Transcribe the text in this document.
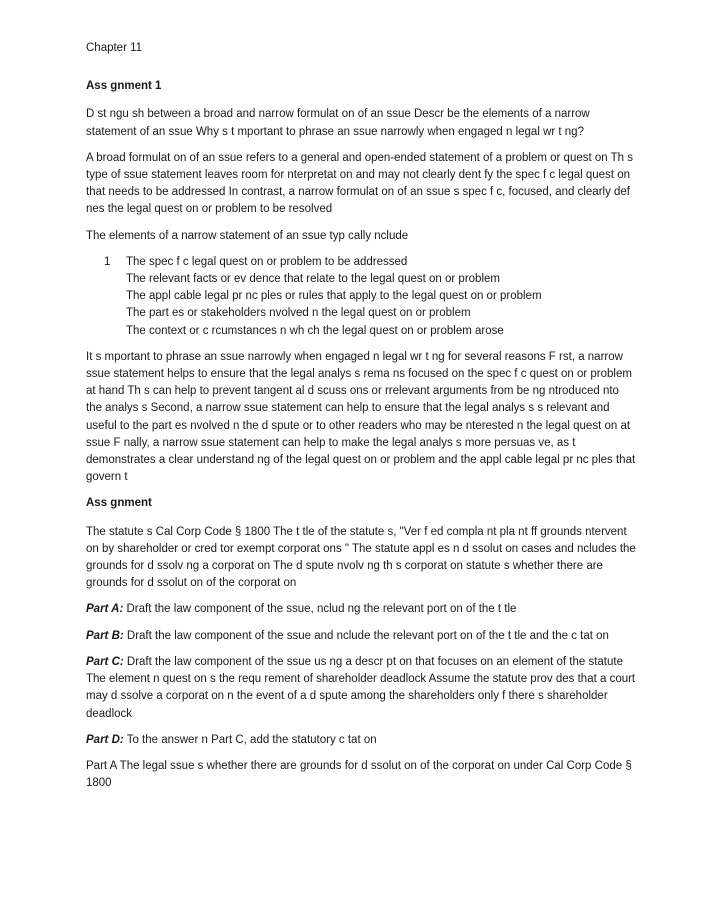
Chapter 11

Ass gnment 1

D st ngu sh between a broad and narrow formulat on of an ssue Descr be the elements of a narrow statement of an ssue Why s t mportant to phrase an ssue narrowly when engaged n legal wr t ng?

A broad formulat on of an ssue refers to a general and open-ended statement of a problem or quest on Th s type of ssue statement leaves room for nterpretat on and may not clearly dent fy the spec f c legal quest on that needs to be addressed In contrast, a narrow formulat on of an ssue s spec f c, focused, and clearly def nes the legal quest on or problem to be resolved

The elements of a narrow statement of an ssue typ cally nclude

1 The spec f c legal quest on or problem to be addressed
The relevant facts or ev dence that relate to the legal quest on or problem
The appl cable legal pr nc ples or rules that apply to the legal quest on or problem
The part es or stakeholders nvolved n the legal quest on or problem
The context or c rcumstances n wh ch the legal quest on or problem arose

It s mportant to phrase an ssue narrowly when engaged n legal wr t ng for several reasons F rst, a narrow ssue statement helps to ensure that the legal analys s rema ns focused on the spec f c quest on or problem at hand Th s can help to prevent tangent al d scuss ons or rrelevant arguments from be ng ntroduced nto the analys s Second, a narrow ssue statement can help to ensure that the legal analys s s relevant and useful to the part es nvolved n the d spute or to other readers who may be nterested n the legal quest on at ssue F nally, a narrow ssue statement can help to make the legal analys s more persuas ve, as t demonstrates a clear understand ng of the legal quest on or problem and the appl cable legal pr nc ples that govern t

Ass gnment

The statute s Cal Corp Code § 1800 The t tle of the statute s, "Ver f ed compla nt pla nt ff grounds ntervent on by shareholder or cred tor exempt corporat ons " The statute appl es n d ssolut on cases and ncludes the grounds for d ssolv ng a corporat on The d spute nvolv ng th s corporat on statute s whether there are grounds for d ssolut on of the corporat on

Part A: Draft the law component of the ssue, nclud ng the relevant port on of the t tle

Part B: Draft the law component of the ssue and nclude the relevant port on of the t tle and the c tat on

Part C: Draft the law component of the ssue us ng a descr pt on that focuses on an element of the statute The element n quest on s the requ rement of shareholder deadlock Assume the statute prov des that a court may d ssolve a corporat on n the event of a d spute among the shareholders only f there s shareholder deadlock

Part D: To the answer n Part C, add the statutory c tat on

Part A The legal ssue s whether there are grounds for d ssolut on of the corporat on under Cal Corp Code § 1800
